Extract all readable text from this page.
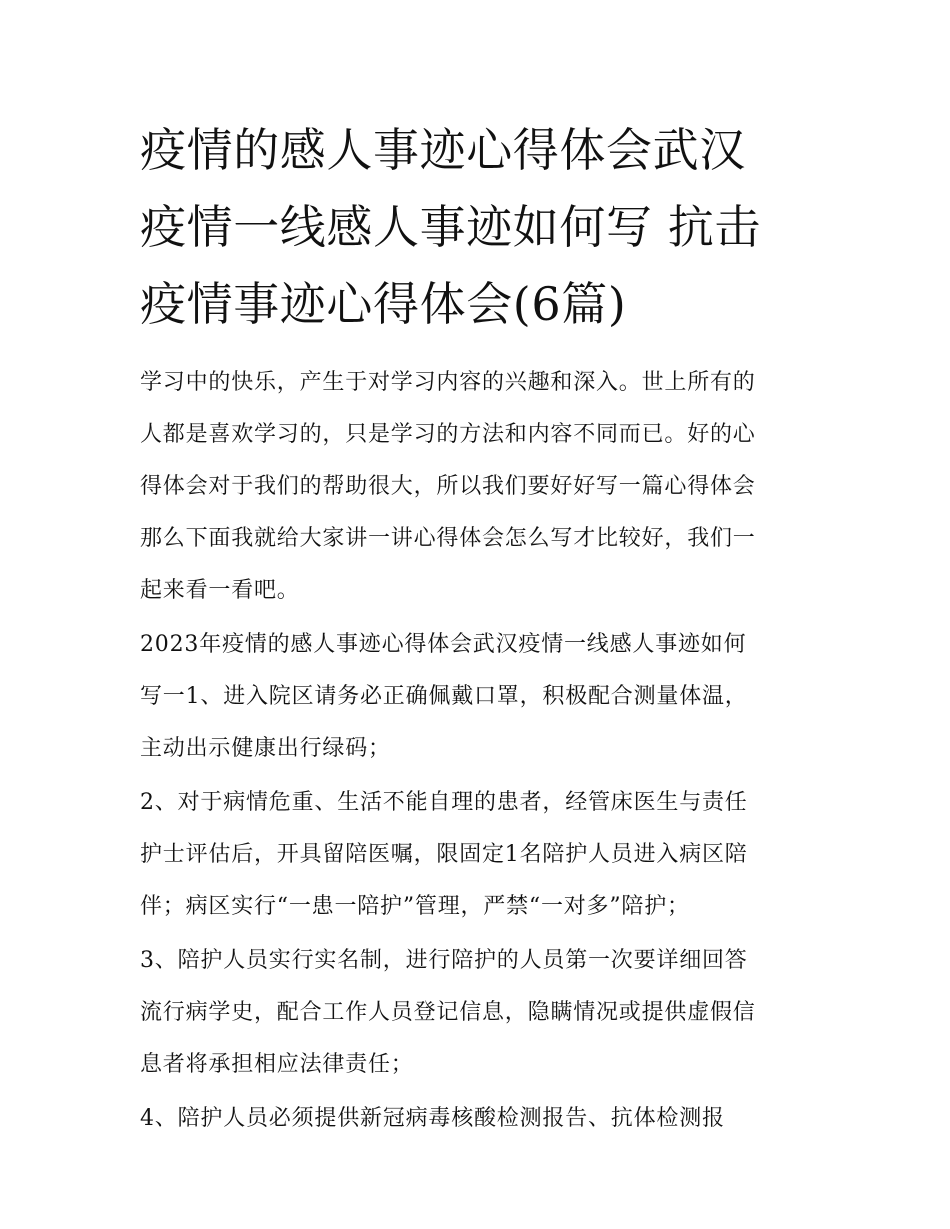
疫情的感人事迹心得体会武汉
疫情一线感人事迹如何写 抗击
疫情事迹心得体会(6篇)

学习中的快乐，产生于对学习内容的兴趣和深入。世上所有的
人都是喜欢学习的，只是学习的方法和内容不同而已。好的心
得体会对于我们的帮助很大，所以我们要好好写一篇心得体会
那么下面我就给大家讲一讲心得体会怎么写才比较好，我们一
起来看一看吧。

2023年疫情的感人事迹心得体会武汉疫情一线感人事迹如何
写一1、进入院区请务必正确佩戴口罩，积极配合测量体温，
主动出示健康出行绿码；

2、对于病情危重、生活不能自理的患者，经管床医生与责任
护士评估后，开具留陪医嘱，限固定1名陪护人员进入病区陪
伴；病区实行“一患一陪护”管理，严禁“一对多”陪护；

3、陪护人员实行实名制，进行陪护的人员第一次要详细回答
流行病学史，配合工作人员登记信息，隐瞒情况或提供虚假信
息者将承担相应法律责任；

4、陪护人员必须提供新冠病毒核酸检测报告、抗体检测报
